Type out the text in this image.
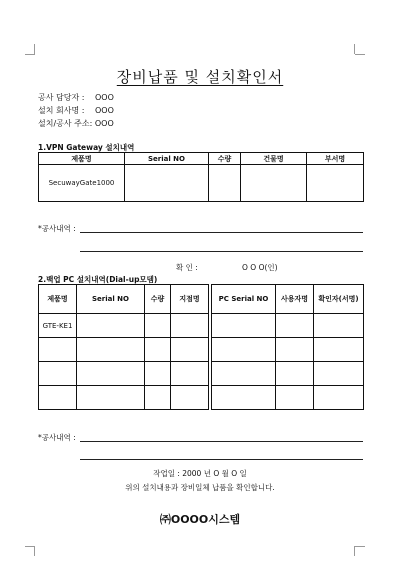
장비납품 및 설치확인서
공사 담당자 : OOO
설치 회사명 : OOO
설치/공사 주소: OOO
1.VPN Gateway 설치내역
제품명	Serial NO	수량	건물명	부서명
SecuwayGate1000				
*공사내역 :
확 인 :	O O O(인)
2.백업 PC 설치내역(Dial-up모뎀)
제품명	Serial NO	수량	지점명		PC Serial NO	사용자명	확인자(서명)
GTE-KE1							

*공사내역 :
작업일 : 2000 년 O 월 O 일
위의 설치내용과 장비일체 납품을 확인합니다.
㈜OOOO시스템
